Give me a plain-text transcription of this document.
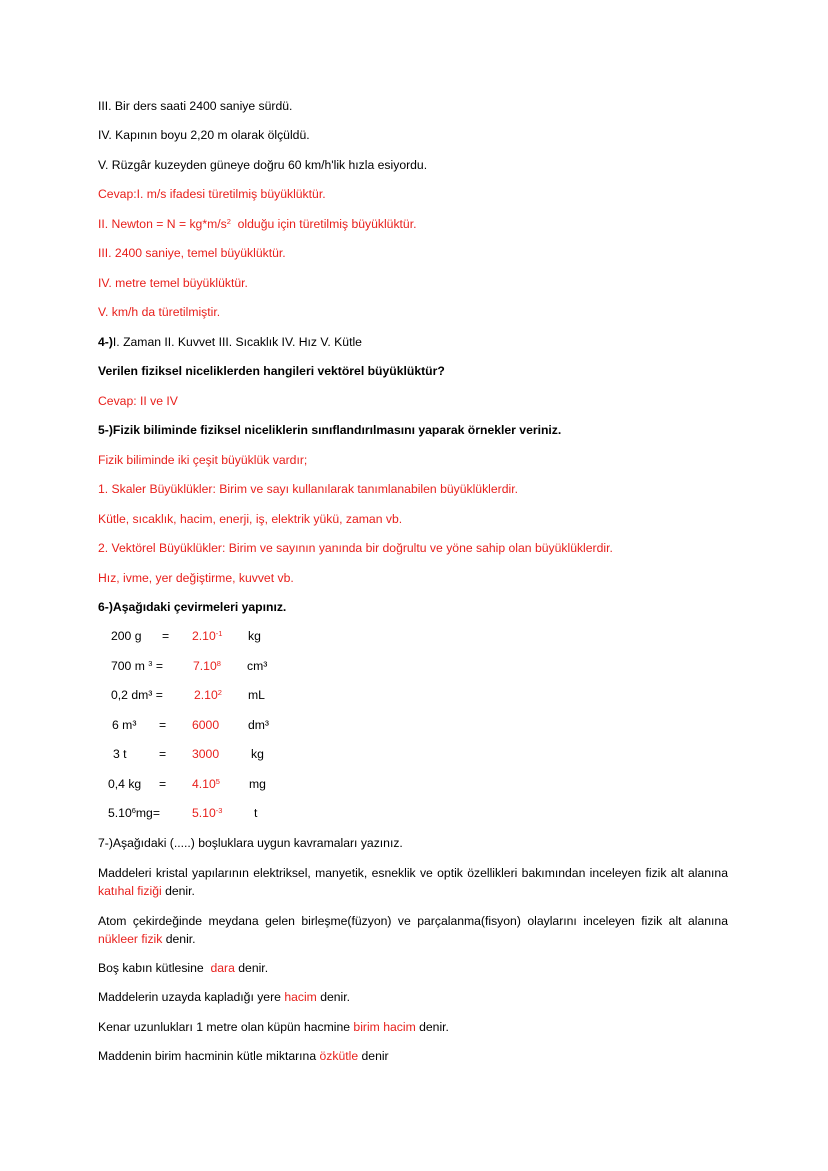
III. Bir ders saati 2400 saniye sürdü.
IV. Kapının boyu 2,20 m olarak ölçüldü.
V. Rüzgâr kuzeyden güneye doğru 60 km/h'lik hızla esiyordu.
Cevap:I. m/s ifadesi türetilmiş büyüklüktür.
II. Newton = $N = kg*m/s^2$  olduğu için türetilmiş büyüklüktür.
III. 2400 saniye, temel büyüklüktür.
IV. metre temel büyüklüktür.
V. km/h da türetilmiştir.
4-)I. Zaman II. Kuvvet III. Sıcaklık IV. Hız V. Kütle
Verilen fiziksel niceliklerden hangileri vektörel büyüklüktür?
Cevap: II ve IV
5-)Fizik biliminde fiziksel niceliklerin sınıflandırılmasını yaparak örnekler veriniz.
Fizik biliminde iki çeşit büyüklük vardır;
1. Skaler Büyüklükler: Birim ve sayı kullanılarak tanımlanabilen büyüklüklerdir.
Kütle, sıcaklık, hacim, enerji, iş, elektrik yükü, zaman vb.
2. Vektörel Büyüklükler: Birim ve sayının yanında bir doğrultu ve yöne sahip olan büyüklüklerdir.
Hız, ivme, yer değiştirme, kuvvet vb.
6-)Aşağıdaki çevirmeleri yapınız.
200 $g = 2.10^{-1}$ kg
700 m $^3 = 7.10^8$ cm³
0,2 dm³ =	$2.10^2$ mL
6 m³ = 6000 dm³
3 t	= 3000	kg
0,4 kg = $4.10^5$ mg
$5.10^6mg=$	$5.10^{-3}$	t
7-)Aşağıdaki (.....) boşluklara uygun kavramaları yazınız.
Maddeleri kristal yapılarının elektriksel, manyetik, esneklik ve optik özellikleri bakımından inceleyen fizik alt alanına katıhal fiziği denir.
Atom çekirdeğinde meydana gelen birleşme(füzyon) ve parçalanma(fisyon) olaylarını inceleyen fizik alt alanına nükleer fizik denir.
Boş kabın kütlesine  dara denir.
Maddelerin uzayda kapladığı yere hacim denir.
Kenar uzunlukları 1 metre olan küpün hacmine birim hacim denir.
Maddenin birim hacminin kütle miktarına özkütle denir
